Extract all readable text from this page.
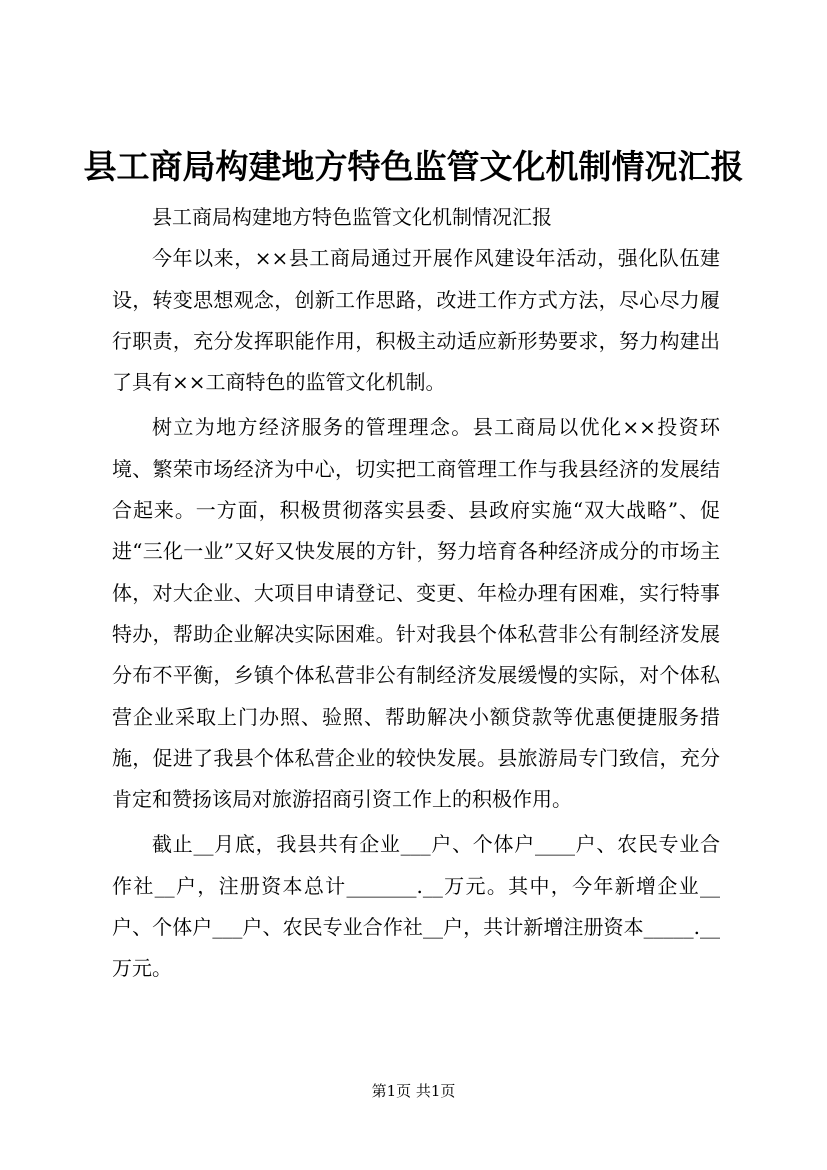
县工商局构建地方特色监管文化机制情况汇报

县工商局构建地方特色监管文化机制情况汇报

今年以来，××县工商局通过开展作风建设年活动，强化队伍建设，转变思想观念，创新工作思路，改进工作方式方法，尽心尽力履行职责，充分发挥职能作用，积极主动适应新形势要求，努力构建出了具有××工商特色的监管文化机制。

树立为地方经济服务的管理理念。县工商局以优化××投资环境、繁荣市场经济为中心，切实把工商管理工作与我县经济的发展结合起来。一方面，积极贯彻落实县委、县政府实施“双大战略”、促进“三化一业”又好又快发展的方针，努力培育各种经济成分的市场主体，对大企业、大项目申请登记、变更、年检办理有困难，实行特事特办，帮助企业解决实际困难。针对我县个体私营非公有制经济发展分布不平衡，乡镇个体私营非公有制经济发展缓慢的实际，对个体私营企业采取上门办照、验照、帮助解决小额贷款等优惠便捷服务措施，促进了我县个体私营企业的较快发展。县旅游局专门致信，充分肯定和赞扬该局对旅游招商引资工作上的积极作用。

截止__月底，我县共有企业___户、个体户____户、农民专业合作社__户，注册资本总计_______.__万元。其中，今年新增企业__户、个体户___户、农民专业合作社__户，共计新增注册资本_____.__万元。

第1页 共1页
